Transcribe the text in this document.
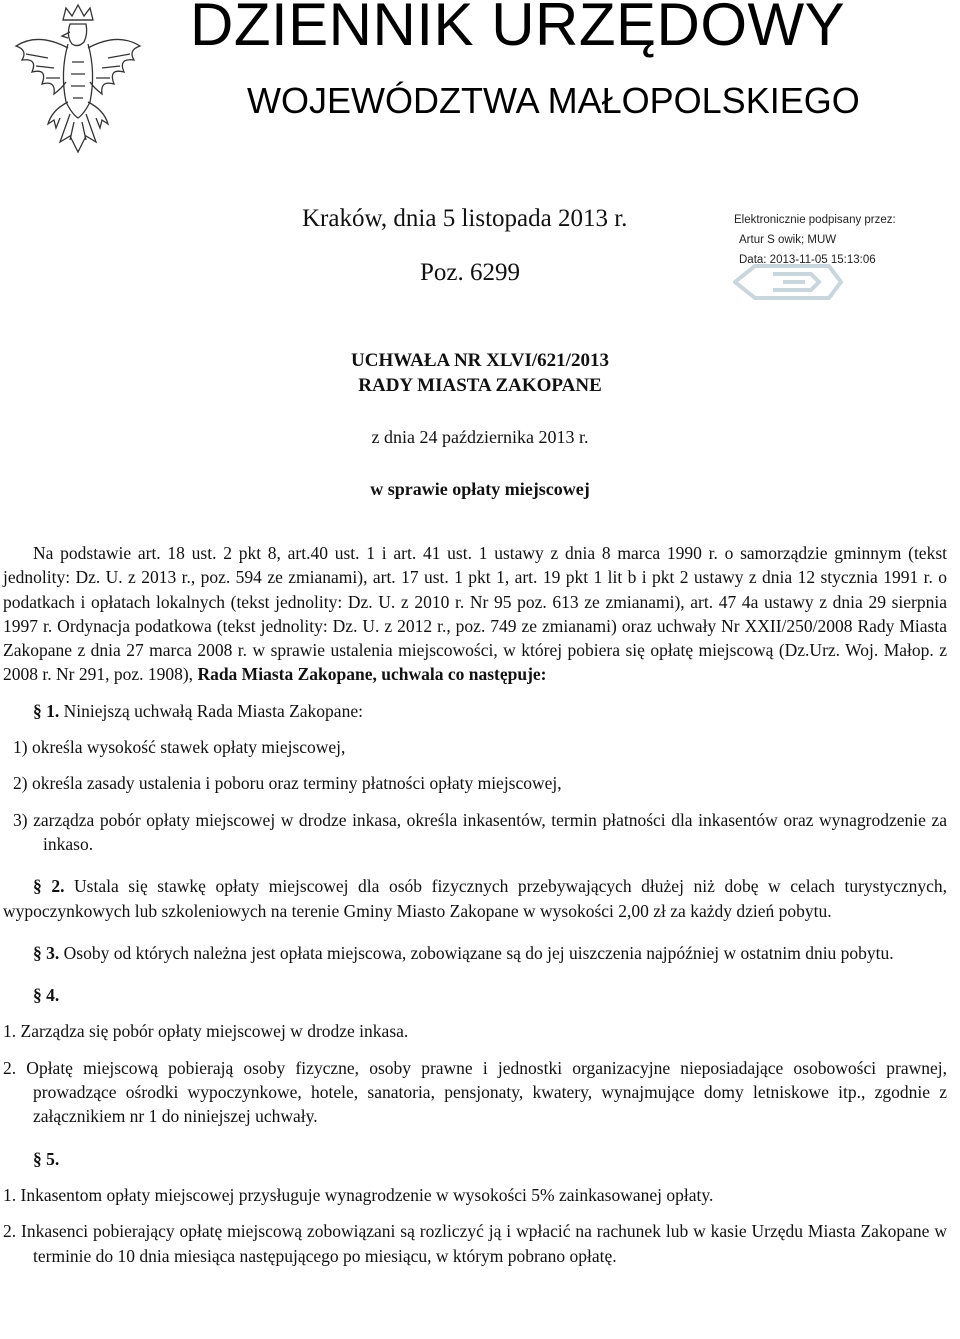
DZIENNIK URZĘDOWY
WOJEWÓDZTWA MAŁOPOLSKIEGO
Kraków, dnia 5 listopada 2013 r.
Poz. 6299
Elektronicznie podpisany przez:
Artur S owik; MUW
Data: 2013-11-05 15:13:06
UCHWAŁA NR XLVI/621/2013
RADY MIASTA ZAKOPANE
z dnia 24 października 2013 r.
w sprawie opłaty miejscowej

Na podstawie art. 18 ust. 2 pkt 8, art.40 ust. 1 i art. 41 ust. 1 ustawy z dnia 8 marca 1990 r. o samorządzie gminnym (tekst jednolity: Dz. U. z 2013 r., poz. 594 ze zmianami), art. 17 ust. 1 pkt 1, art. 19 pkt 1 lit b i pkt 2 ustawy z dnia 12 stycznia 1991 r. o podatkach i opłatach lokalnych (tekst jednolity: Dz. U. z 2010 r. Nr 95 poz. 613 ze zmianami), art. 47 4a ustawy z dnia 29 sierpnia 1997 r. Ordynacja podatkowa (tekst jednolity: Dz. U. z 2012 r., poz. 749 ze zmianami) oraz uchwały Nr XXII/250/2008 Rady Miasta Zakopane z dnia 27 marca 2008 r. w sprawie ustalenia miejscowości, w której pobiera się opłatę miejscową (Dz.Urz. Woj. Małop. z 2008 r. Nr 291, poz. 1908), Rada Miasta Zakopane, uchwala co następuje:

§ 1. Niniejszą uchwałą Rada Miasta Zakopane:

1) określa wysokość stawek opłaty miejscowej,

2) określa zasady ustalenia i poboru oraz terminy płatności opłaty miejscowej,

3) zarządza pobór opłaty miejscowej w drodze inkasa, określa inkasentów, termin płatności dla inkasentów oraz wynagrodzenie za inkaso.

§ 2. Ustala się stawkę opłaty miejscowej dla osób fizycznych przebywających dłużej niż dobę w celach turystycznych, wypoczynkowych lub szkoleniowych na terenie Gminy Miasto Zakopane w wysokości 2,00 zł za każdy dzień pobytu.

§ 3. Osoby od których należna jest opłata miejscowa, zobowiązane są do jej uiszczenia najpóźniej w ostatnim dniu pobytu.

§ 4.

1. Zarządza się pobór opłaty miejscowej w drodze inkasa.

2. Opłatę miejscową pobierają osoby fizyczne, osoby prawne i jednostki organizacyjne nieposiadające osobowości prawnej, prowadzące ośrodki wypoczynkowe, hotele, sanatoria, pensjonaty, kwatery, wynajmujące domy letniskowe itp., zgodnie z załącznikiem nr 1 do niniejszej uchwały.

§ 5.

1. Inkasentom opłaty miejscowej przysługuje wynagrodzenie w wysokości 5% zainkasowanej opłaty.

2. Inkasenci pobierający opłatę miejscową zobowiązani są rozliczyć ją i wpłacić na rachunek lub w kasie Urzędu Miasta Zakopane w terminie do 10 dnia miesiąca następującego po miesiącu, w którym pobrano opłatę.
